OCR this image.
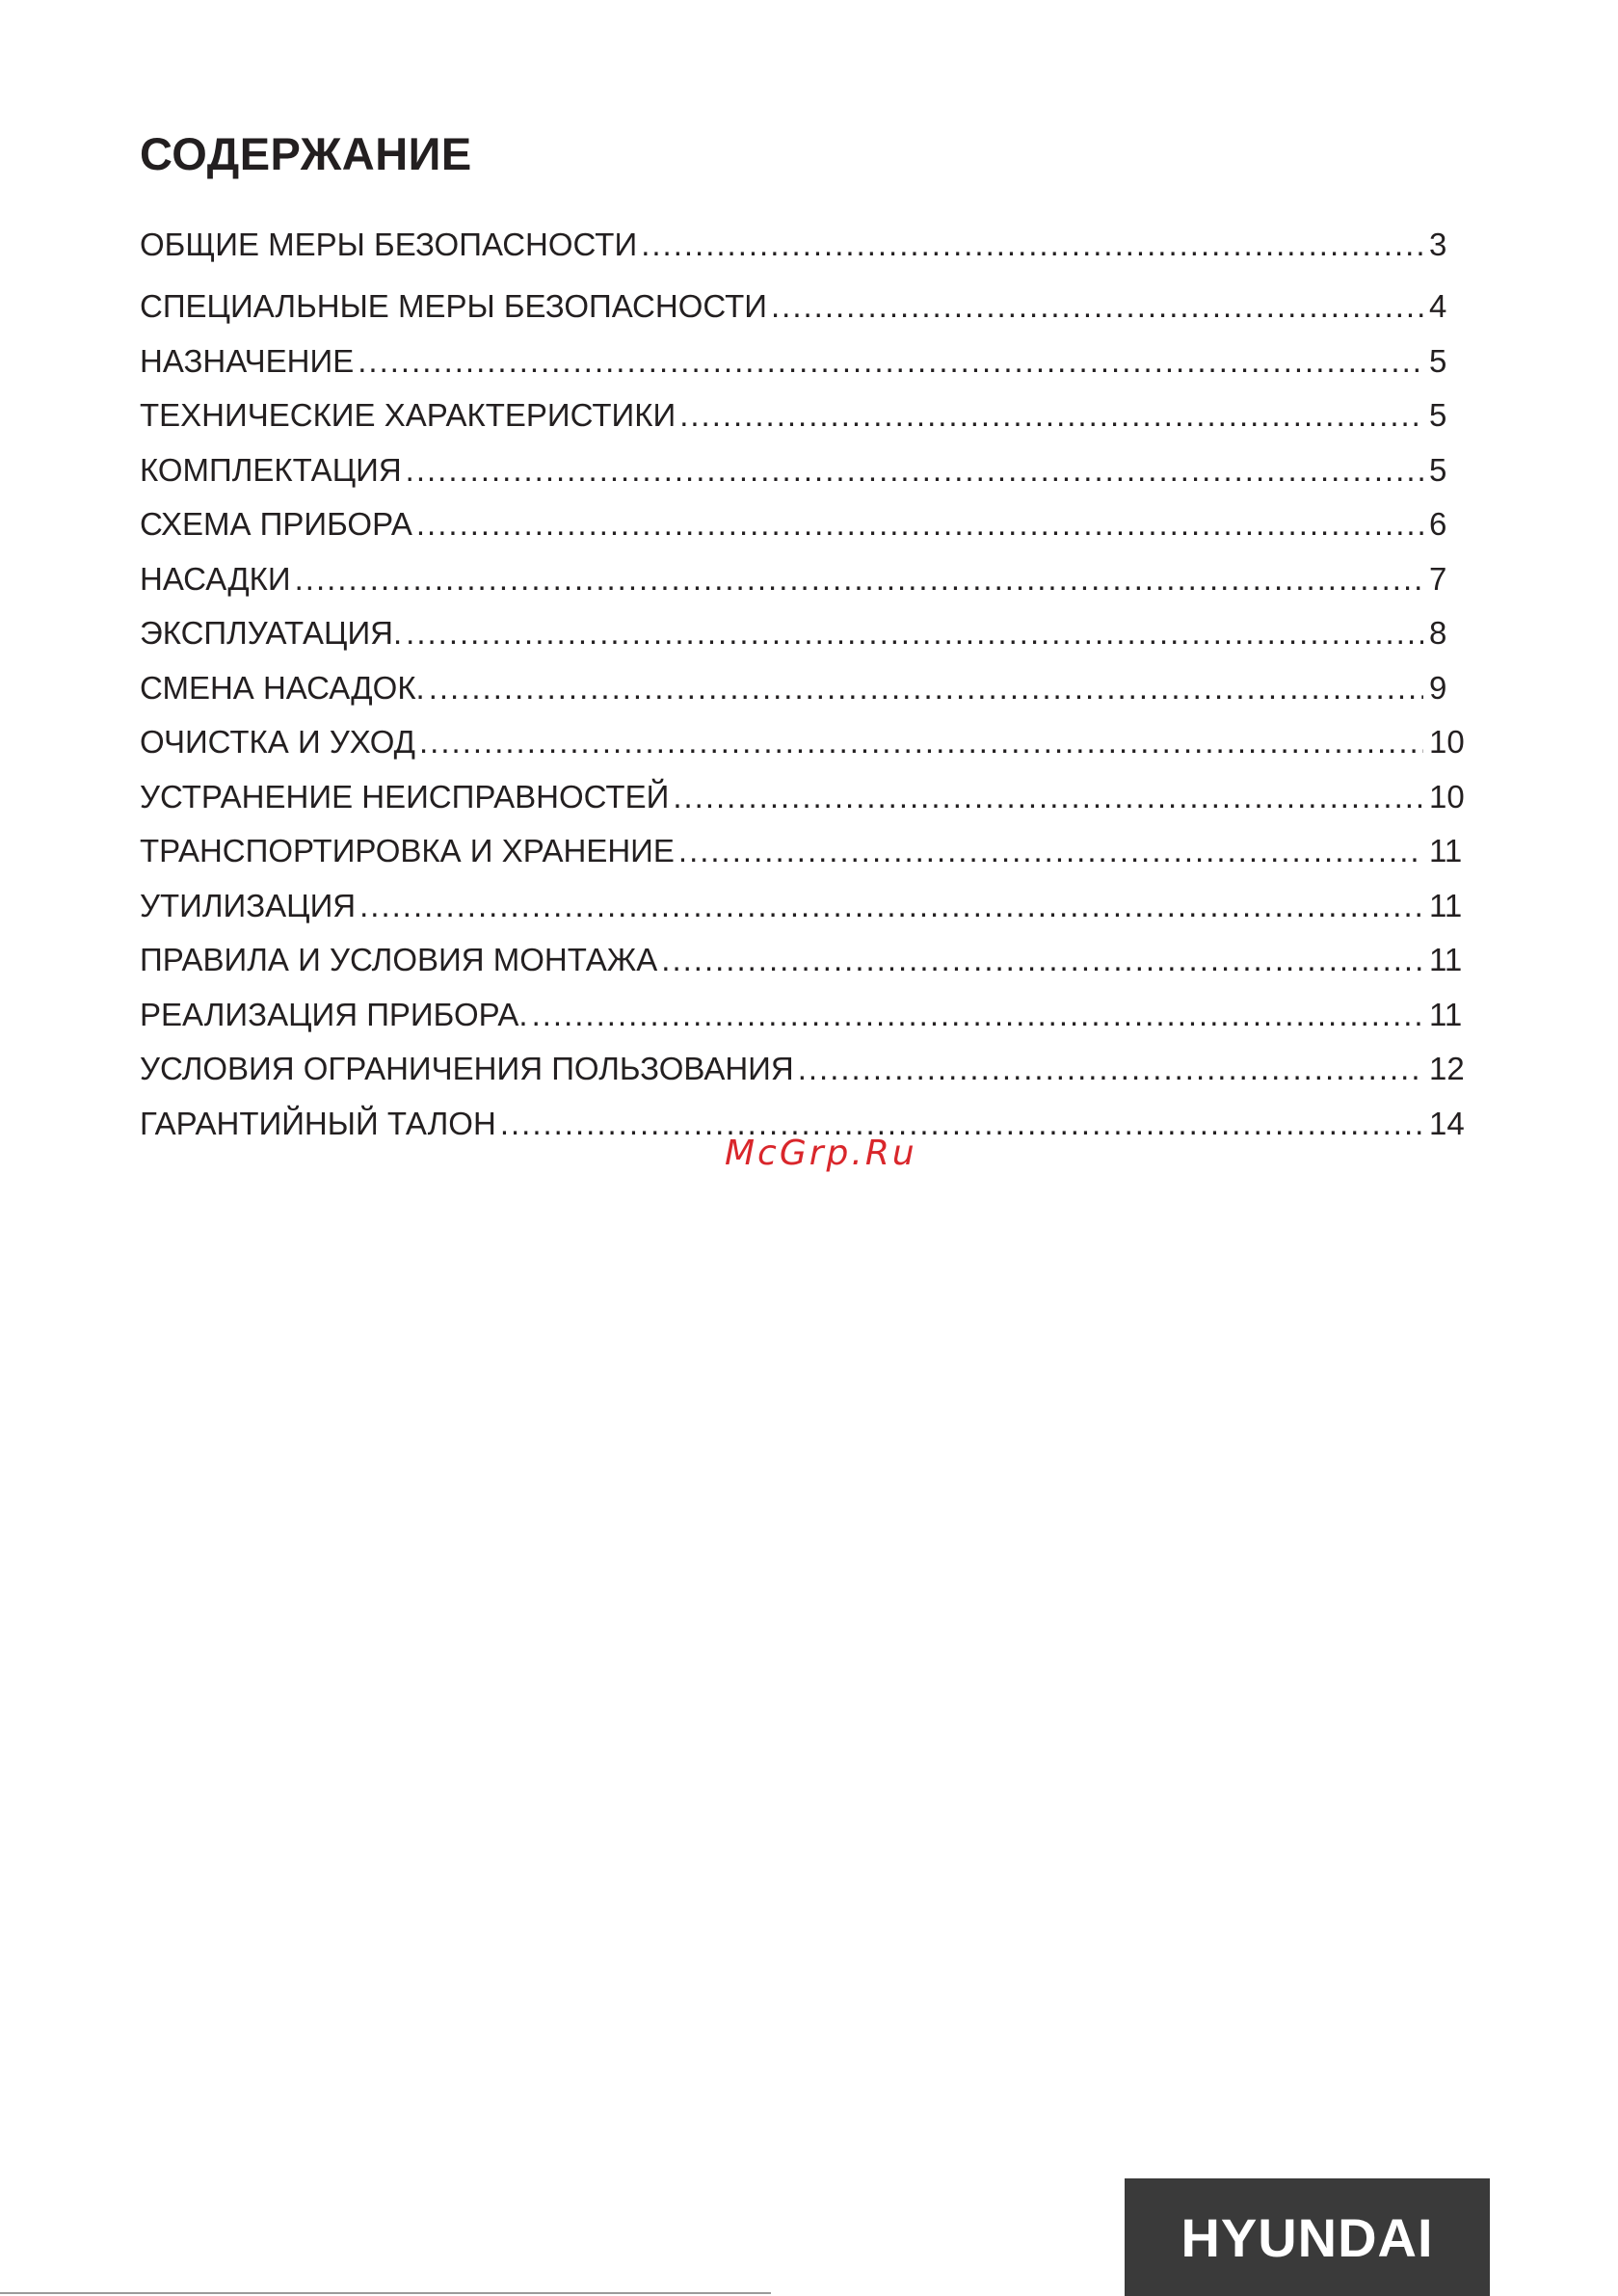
СОДЕРЖАНИЕ
ОБЩИЕ МЕРЫ БЕЗОПАСНОСТИ .....	3
СПЕЦИАЛЬНЫЕ МЕРЫ БЕЗОПАСНОСТИ .....	4
НАЗНАЧЕНИЕ .....	5
ТЕХНИЧЕСКИЕ ХАРАКТЕРИСТИКИ .....	5
КОМПЛЕКТАЦИЯ .....	5
СХЕМА ПРИБОРА .....	6
НАСАДКИ .....	7
ЭКСПЛУАТАЦИЯ. .....	8
СМЕНА НАСАДОК. .....	9
ОЧИСТКА И УХОД .....	10
УСТРАНЕНИЕ НЕИСПРАВНОСТЕЙ .....	10
ТРАНСПОРТИРОВКА И ХРАНЕНИЕ .....	11
УТИЛИЗАЦИЯ .....	11
ПРАВИЛА И УСЛОВИЯ МОНТАЖА .....	11
РЕАЛИЗАЦИЯ ПРИБОРА. .....	11
УСЛОВИЯ ОГРАНИЧЕНИЯ ПОЛЬЗОВАНИЯ .....	12
ГАРАНТИЙНЫЙ ТАЛОН .....	14
McGrp.Ru
HYUNDAI
